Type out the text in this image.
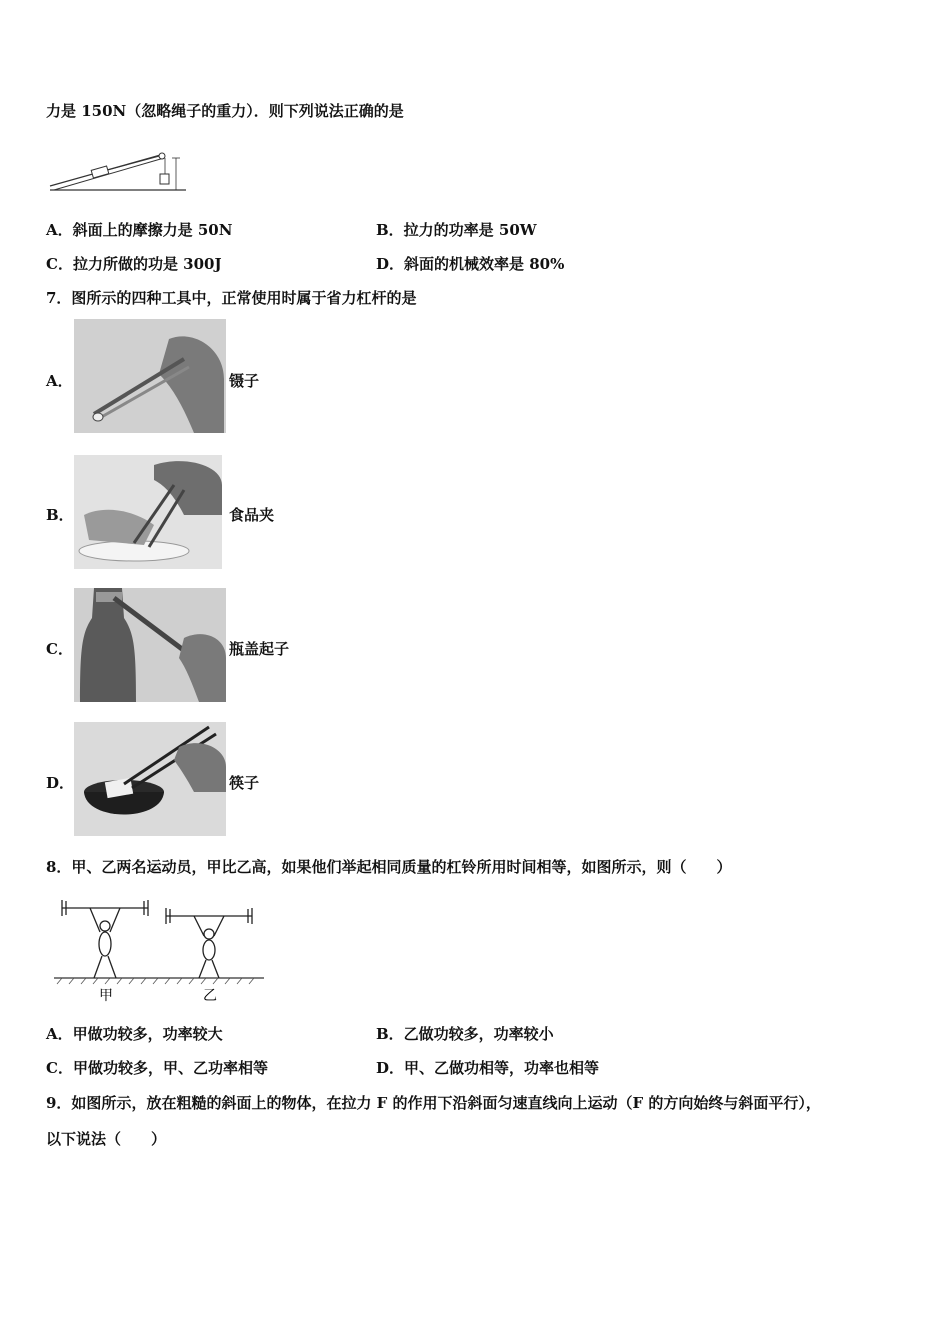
力是 150N（忽略绳子的重力）．则下列说法正确的是
A．斜面上的摩擦力是 50N	B．拉力的功率是 50W
C．拉力所做的功是 300J	D．斜面的机械效率是 80%
7．图所示的四种工具中，正常使用时属于省力杠杆的是
A．	镊子
B．	食品夹
C．	瓶盖起子
D．	筷子
8．甲、乙两名运动员，甲比乙高，如果他们举起相同质量的杠铃所用时间相等，如图所示，则（　　）
甲	乙
A．甲做功较多，功率较大	B．乙做功较多，功率较小
C．甲做功较多，甲、乙功率相等	D．甲、乙做功相等，功率也相等
9．如图所示，放在粗糙的斜面上的物体，在拉力 F 的作用下沿斜面匀速直线向上运动（F 的方向始终与斜面平行），
以下说法（　　）
